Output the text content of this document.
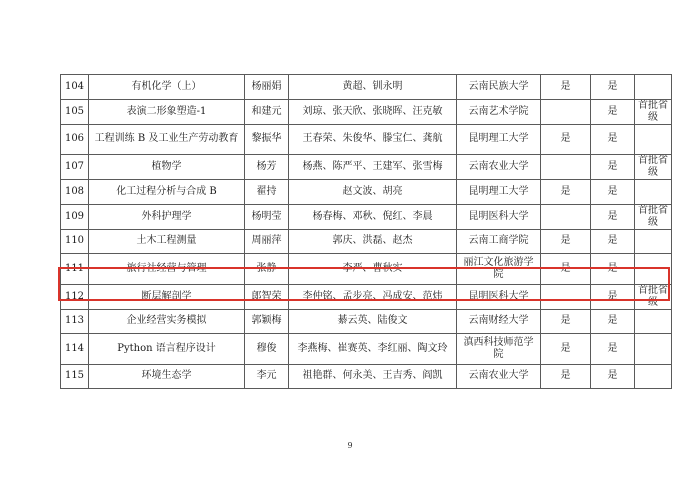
104	有机化学（上）	杨丽娟	黄超、钏永明	云南民族大学	是	是	
105	表演二形象塑造-1	和建元	刘琼、张天欣、张晓晖、汪克敏	云南艺术学院		是	首批省级
106	工程训练 B 及工业生产劳动教育	黎振华	王春荣、朱俊华、滕宝仁、龚航	昆明理工大学	是	是	
107	植物学	杨芳	杨燕、陈严平、王建军、张雪梅	云南农业大学		是	首批省级
108	化工过程分析与合成 B	翟持	赵文波、胡亮	昆明理工大学	是	是	
109	外科护理学	杨明莹	杨春梅、邓秋、倪红、李晨	昆明医科大学		是	首批省级
110	土木工程测量	周丽萍	郭庆、洪磊、赵杰	云南工商学院	是	是	
111	旅行社经营与管理	张静	李严、曹秋实	丽江文化旅游学院	是	是	
112	断层解剖学	郎智荣	李仲铭、孟步亮、冯成安、范炜	昆明医科大学		是	首批省级
113	企业经营实务模拟	郭颖梅	綦云英、陆俊文	云南财经大学	是	是	
114	Python 语言程序设计	穆俊	李燕梅、崔赛英、李红丽、陶文玲	滇西科技师范学院	是	是	
115	环境生态学	李元	祖艳群、何永美、王吉秀、阎凯	云南农业大学	是	是	
9
